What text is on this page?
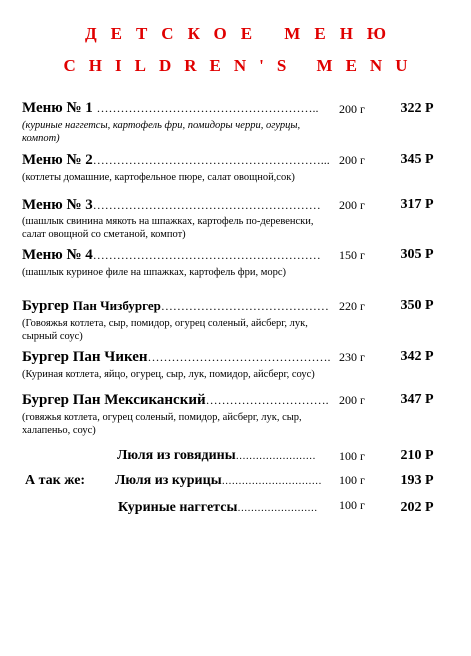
ДЕТСКОЕ МЕНЮ
CHILDREN'S MENU
Меню № 1 ………………………………………………..
(куриные наггетсы, картофель фри, помидоры черри, огурцы, компот)
200 г	322 Р
Меню № 2…………………………………………………...
(котлеты домашние, картофельное пюре, салат овощной,сок)
200 г	345 Р
Меню № 3…………………………………………………
(шашлык свинина мякоть на шпажках, картофель по-деревенски, салат овощной со сметаной, компот)
200 г	317 Р
Меню № 4…………………………………………………
(шашлык куриное филе на шпажках, картофель фри, морс)
150 г	305 Р
Бургер Пан Чизбургер……………………………………
(Говояжья котлета, сыр, помидор, огурец соленый, айсберг, лук, сырный соус)
220 г	350 Р
Бургер Пан Чикен……………………………………….
(Куриная котлета, яйцо, огурец, сыр, лук, помидор, айсберг, соус)
230 г	342 Р
Бургер Пан Мексиканский………………………….
(говяжья котлета, огурец соленый, помидор, айсберг, лук, сыр, халапеньо, соус)
200 г	347 Р
А так же:
Люля из говядины……………………	100 г	210 Р
Люля из курицы…………………………	100 г	193 Р
Куриные наггетсы……………………	100 г	202 Р
